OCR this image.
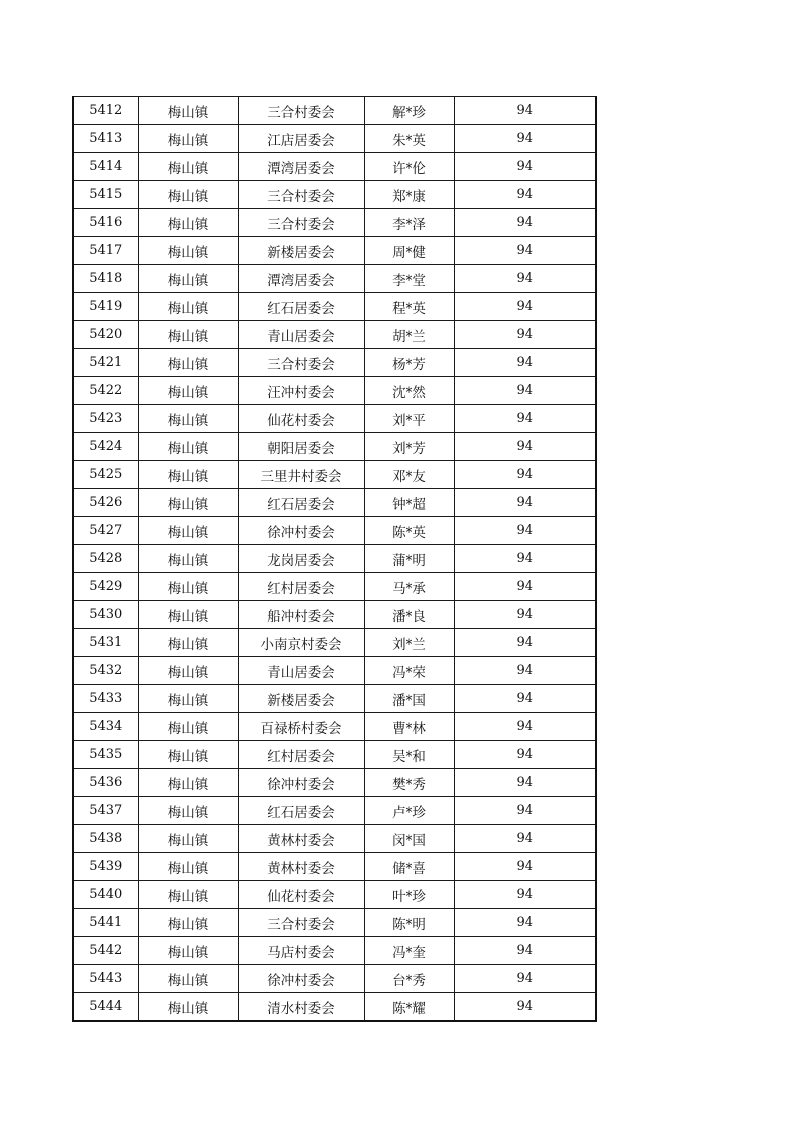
5412	梅山镇	三合村委会	解*珍	94
5413	梅山镇	江店居委会	朱*英	94
5414	梅山镇	潭湾居委会	许*伦	94
5415	梅山镇	三合村委会	郑*康	94
5416	梅山镇	三合村委会	李*泽	94
5417	梅山镇	新楼居委会	周*健	94
5418	梅山镇	潭湾居委会	李*堂	94
5419	梅山镇	红石居委会	程*英	94
5420	梅山镇	青山居委会	胡*兰	94
5421	梅山镇	三合村委会	杨*芳	94
5422	梅山镇	汪冲村委会	沈*然	94
5423	梅山镇	仙花村委会	刘*平	94
5424	梅山镇	朝阳居委会	刘*芳	94
5425	梅山镇	三里井村委会	邓*友	94
5426	梅山镇	红石居委会	钟*超	94
5427	梅山镇	徐冲村委会	陈*英	94
5428	梅山镇	龙岗居委会	蒲*明	94
5429	梅山镇	红村居委会	马*承	94
5430	梅山镇	船冲村委会	潘*良	94
5431	梅山镇	小南京村委会	刘*兰	94
5432	梅山镇	青山居委会	冯*荣	94
5433	梅山镇	新楼居委会	潘*国	94
5434	梅山镇	百禄桥村委会	曹*林	94
5435	梅山镇	红村居委会	吴*和	94
5436	梅山镇	徐冲村委会	樊*秀	94
5437	梅山镇	红石居委会	卢*珍	94
5438	梅山镇	黄林村委会	闵*国	94
5439	梅山镇	黄林村委会	储*喜	94
5440	梅山镇	仙花村委会	叶*珍	94
5441	梅山镇	三合村委会	陈*明	94
5442	梅山镇	马店村委会	冯*奎	94
5443	梅山镇	徐冲村委会	台*秀	94
5444	梅山镇	清水村委会	陈*耀	94
